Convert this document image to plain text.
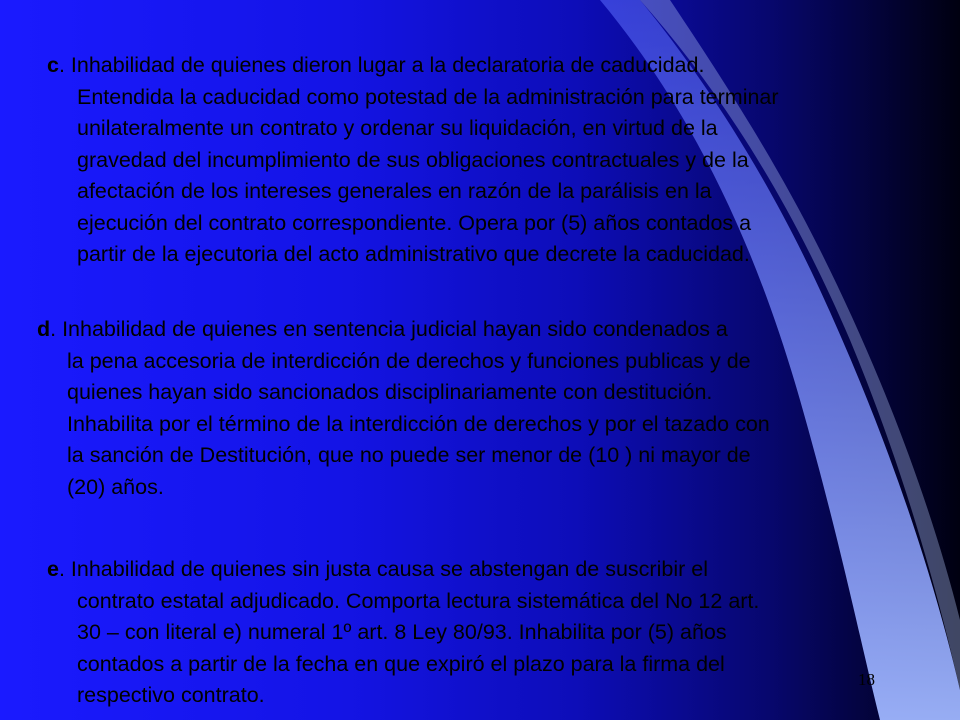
c. Inhabilidad de quienes dieron lugar a la declaratoria de caducidad.
Entendida la caducidad como potestad de la administración para terminar
unilateralmente un contrato y ordenar su liquidación, en virtud de la
gravedad del incumplimiento de sus obligaciones contractuales y de la
afectación de los intereses generales en razón de la parálisis en la
ejecución del contrato correspondiente. Opera por (5) años contados a
partir de la ejecutoria del acto administrativo que decrete la caducidad.

d. Inhabilidad de quienes en sentencia judicial hayan sido condenados a
la pena accesoria de interdicción de derechos y funciones publicas y de
quienes hayan sido sancionados disciplinariamente con destitución.
Inhabilita por el término de la interdicción de derechos y por el tazado con
la sanción de Destitución, que no puede ser menor de (10 ) ni mayor de
(20) años.

e. Inhabilidad de quienes sin justa causa se abstengan de suscribir el
contrato estatal adjudicado. Comporta lectura sistemática del No 12 art.
30 – con literal e) numeral 1º art. 8 Ley 80/93. Inhabilita por (5) años
contados a partir de la fecha en que expiró el plazo para la firma del
respectivo contrato.

18
